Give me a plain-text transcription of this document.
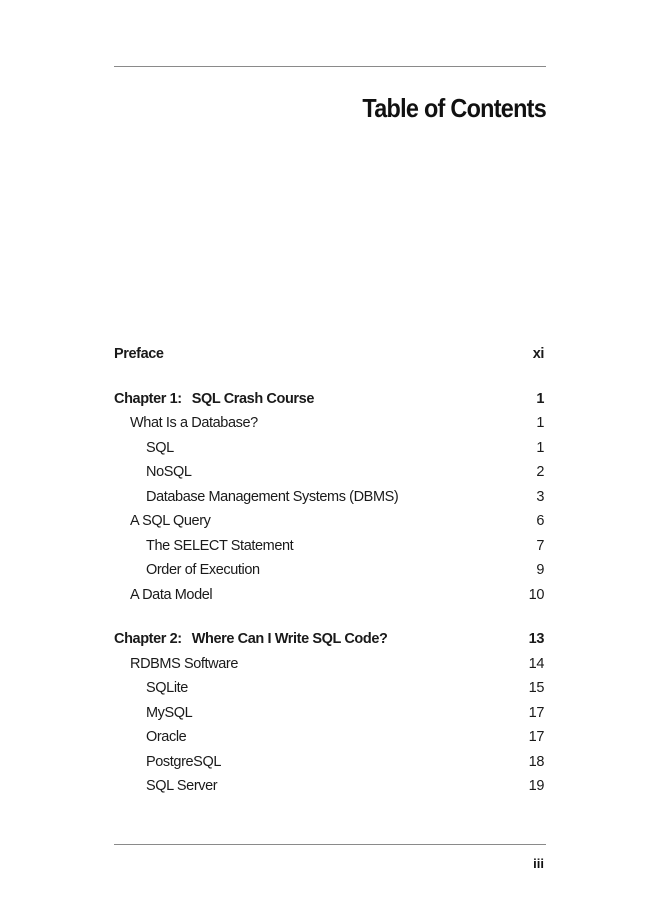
Table of Contents
Preface	xi
Chapter 1: SQL Crash Course	1
What Is a Database?	1
SQL	1
NoSQL	2
Database Management Systems (DBMS)	3
A SQL Query	6
The SELECT Statement	7
Order of Execution	9
A Data Model	10
Chapter 2: Where Can I Write SQL Code?	13
RDBMS Software	14
SQLite	15
MySQL	17
Oracle	17
PostgreSQL	18
SQL Server	19
iii
